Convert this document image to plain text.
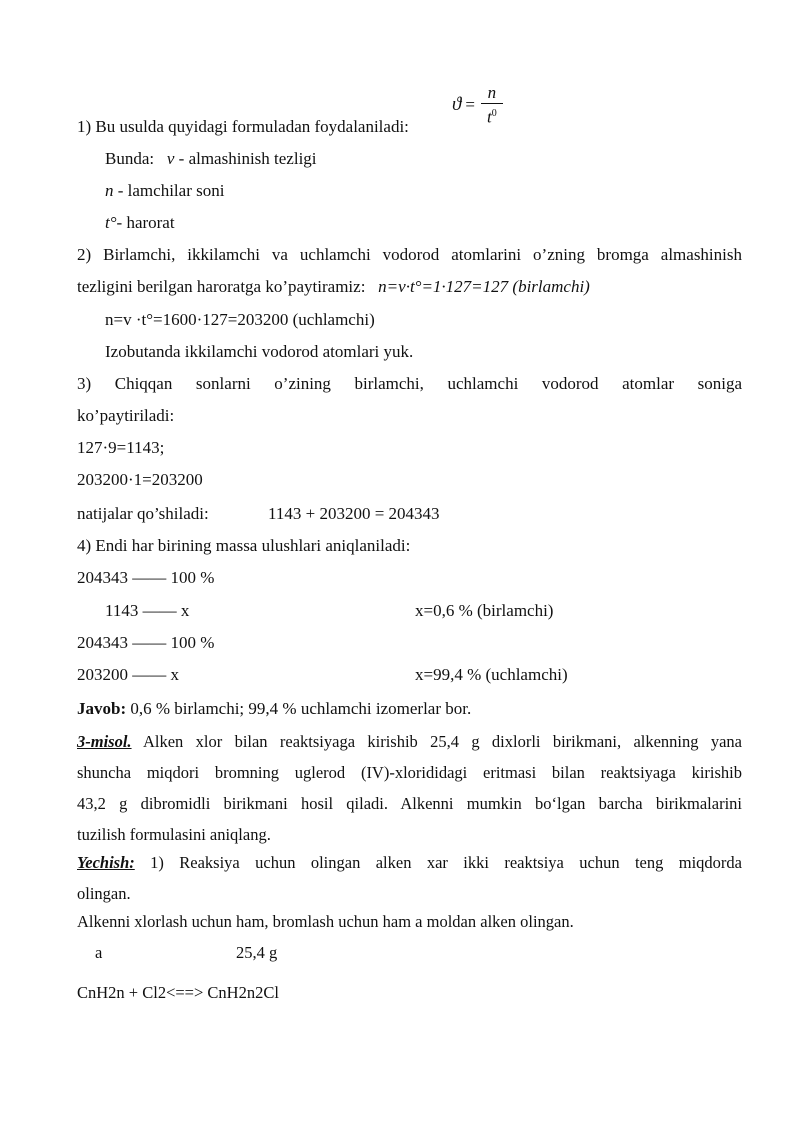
$ϑ = \frac{n}{t^0}$
1) Bu usulda quyidagi formuladan foydalaniladi:
Bunda: v - almashinish tezligi
n - lamchilar soni
t°- harorat
2) Birlamchi, ikkilamchi va uchlamchi vodorod atomlarini o’zning bromga almashinish
tezligini berilgan haroratga ko’paytiramiz: n=v·t°=1·127=127 (birlamchi)
n=v ·t°=1600·127=203200 (uchlamchi)
Izobutanda ikkilamchi vodorod atomlari yuk.
3) Chiqqan sonlarni o’zining birlamchi, uchlamchi vodorod atomlar soniga
ko’paytiriladi:
127·9=1143;
203200·1=203200
natijalar qo’shiladi:	1143 + 203200 = 204343
4) Endi har birining massa ulushlari aniqlaniladi:
204343 —— 100 %
1143 —— x	x=0,6 % (birlamchi)
204343 —— 100 %
203200 —— x	x=99,4 % (uchlamchi)
Javob: 0,6 % birlamchi; 99,4 % uchlamchi izomerlar bor.
3-misol. Alken xlor bilan reaktsiyaga kirishib 25,4 g dixlorli birikmani, alkenning yana
shuncha miqdori bromning uglerod (IV)-xlorididagi eritmasi bilan reaktsiyaga kirishib
43,2 g dibromidli birikmani hosil qiladi. Alkenni mumkin bo‘lgan barcha birikmalarini
tuzilish formulasini aniqlang.
Yechish: 1) Reaksiya uchun olingan alken xar ikki reaktsiya uchun teng miqdorda
olingan.
Alkenni xlorlash uchun ham, bromlash uchun ham a moldan alken olingan.
a	25,4 g
CnH2n + Cl2<==> CnH2n2Cl
